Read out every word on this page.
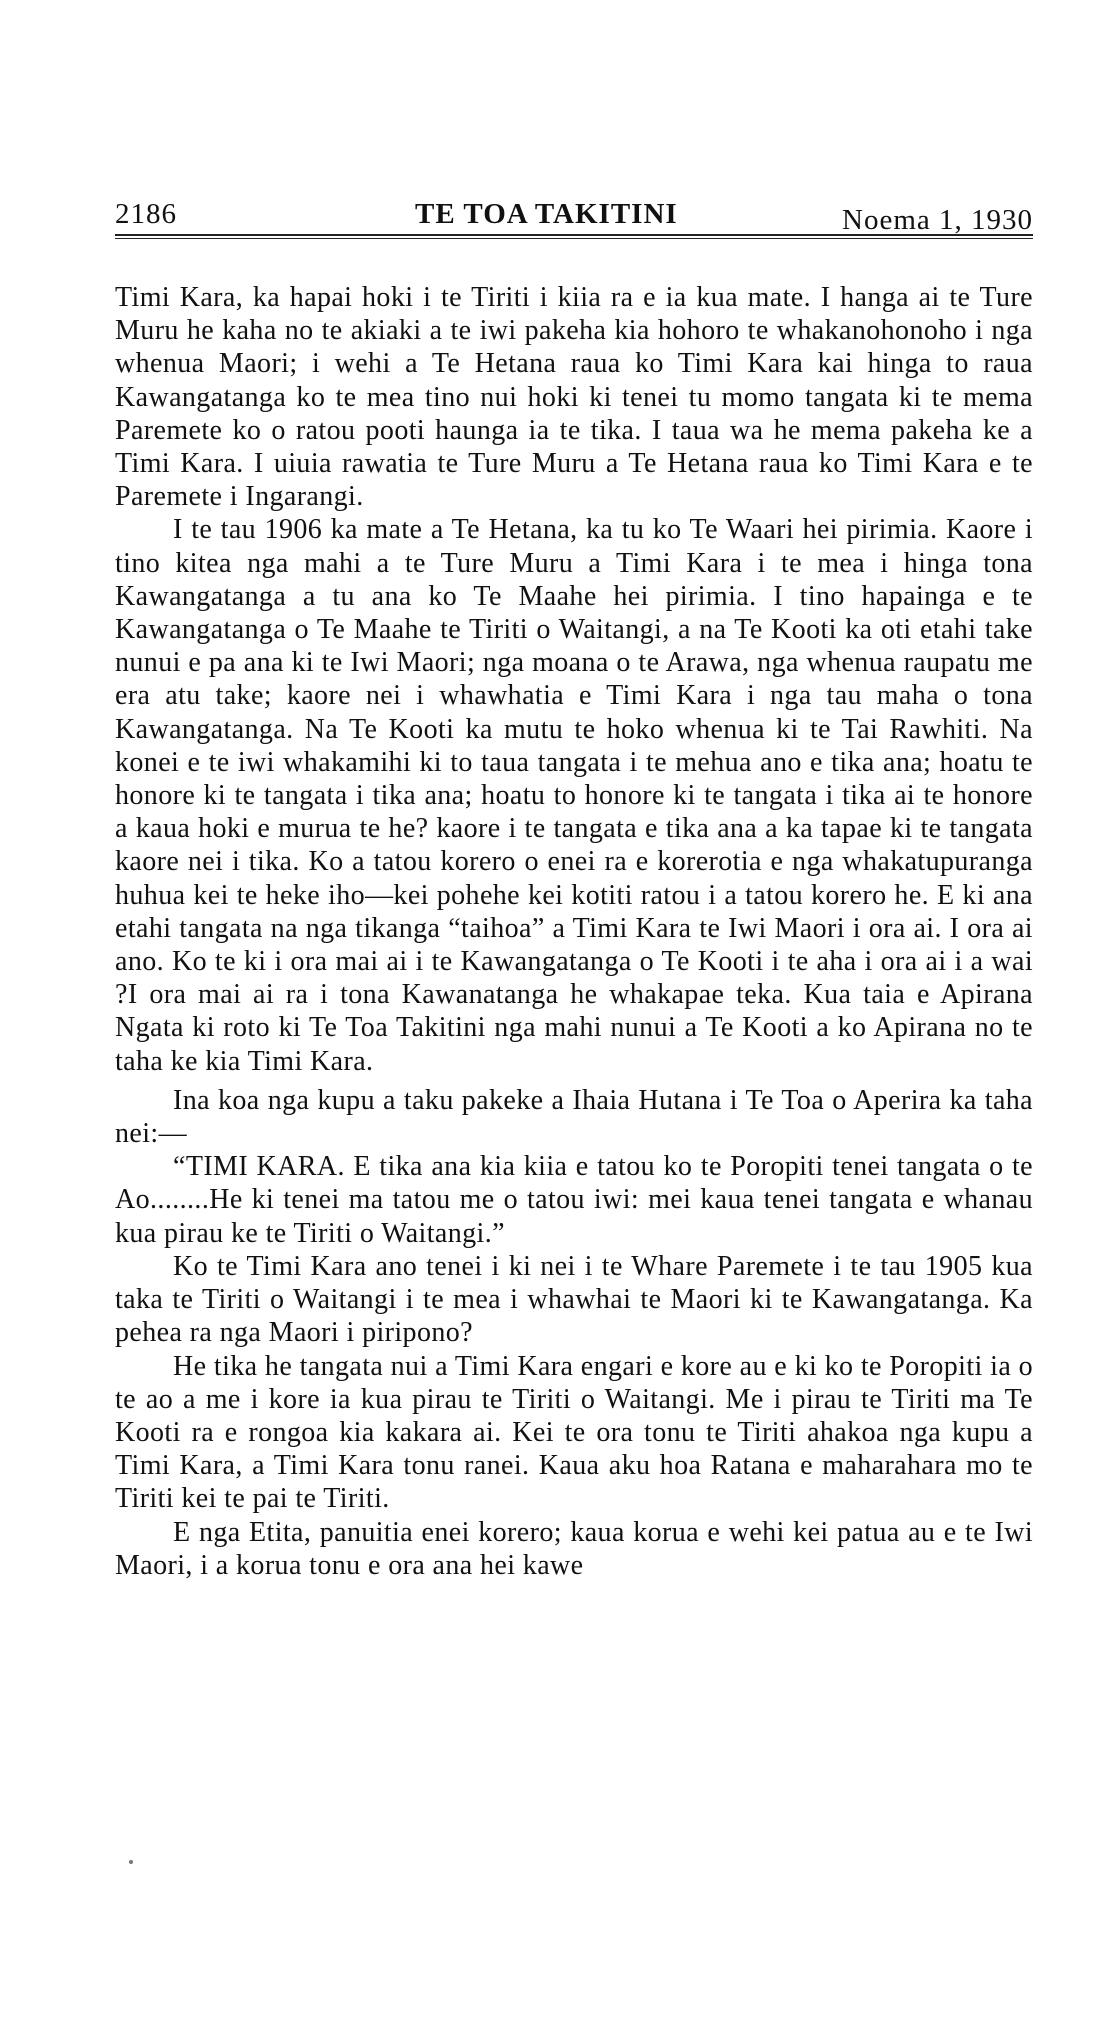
2186	TE TOA TAKITINI	Noema 1, 1930

Timi Kara, ka hapai hoki i te Tiriti i kiia ra e ia kua mate. I hanga ai te Ture Muru he kaha no te akiaki a te iwi pakeha kia hohoro te whakanohonoho i nga whenua Maori; i wehi a Te Hetana raua ko Timi Kara kai hinga to raua Kawangatanga ko te mea tino nui hoki ki tenei tu momo tangata ki te mema Paremete ko o ratou pooti haunga ia te tika. I taua wa he mema pakeha ke a Timi Kara. I uiuia rawatia te Ture Muru a Te Hetana raua ko Timi Kara e te Paremete i Ingarangi.

I te tau 1906 ka mate a Te Hetana, ka tu ko Te Waari hei pirimia. Kaore i tino kitea nga mahi a te Ture Muru a Timi Kara i te mea i hinga tona Kawangatanga a tu ana ko Te Maahe hei pirimia. I tino hapainga e te Kawangatanga o Te Maahe te Tiriti o Waitangi, a na Te Kooti ka oti etahi take nunui e pa ana ki te Iwi Maori; nga moana o te Arawa, nga whenua raupatu me era atu take; kaore nei i whawhatia e Timi Kara i nga tau maha o tona Kawangatanga. Na Te Kooti ka mutu te hoko whenua ki te Tai Rawhiti. Na konei e te iwi whakamihi ki to taua tangata i te mehua ano e tika ana; hoatu te honore ki te tangata i tika ana; hoatu to honore ki te tangata i tika ai te honore a kaua hoki e murua te he? kaore i te tangata e tika ana a ka tapae ki te tangata kaore nei i tika. Ko a tatou korero o enei ra e korerotia e nga whakatupuranga huhua kei te heke iho—kei pohehe kei kotiti ratou i a tatou korero he. E ki ana etahi tangata na nga tikanga “taihoa” a Timi Kara te Iwi Maori i ora ai. I ora ai ano. Ko te ki i ora mai ai i te Kawangatanga o Te Kooti i te aha i ora ai i a wai ?I ora mai ai ra i tona Kawanatanga he whakapae teka. Kua taia e Apirana Ngata ki roto ki Te Toa Takitini nga mahi nunui a Te Kooti a ko Apirana no te taha ke kia Timi Kara.

Ina koa nga kupu a taku pakeke a Ihaia Hutana i Te Toa o Aperira ka taha nei:—

“TIMI KARA. E tika ana kia kiia e tatou ko te Poropiti tenei tangata o te Ao........He ki tenei ma tatou me o tatou iwi: mei kaua tenei tangata e whanau kua pirau ke te Tiriti o Waitangi.”

Ko te Timi Kara ano tenei i ki nei i te Whare Paremete i te tau 1905 kua taka te Tiriti o Waitangi i te mea i whawhai te Maori ki te Kawangatanga. Ka pehea ra nga Maori i piripono?

He tika he tangata nui a Timi Kara engari e kore au e ki ko te Poropiti ia o te ao a me i kore ia kua pirau te Tiriti o Waitangi. Me i pirau te Tiriti ma Te Kooti ra e rongoa kia kakara ai. Kei te ora tonu te Tiriti ahakoa nga kupu a Timi Kara, a Timi Kara tonu ranei. Kaua aku hoa Ratana e maharahara mo te Tiriti kei te pai te Tiriti.

E nga Etita, panuitia enei korero; kaua korua e wehi kei patua au e te Iwi Maori, i a korua tonu e ora ana hei kawe
